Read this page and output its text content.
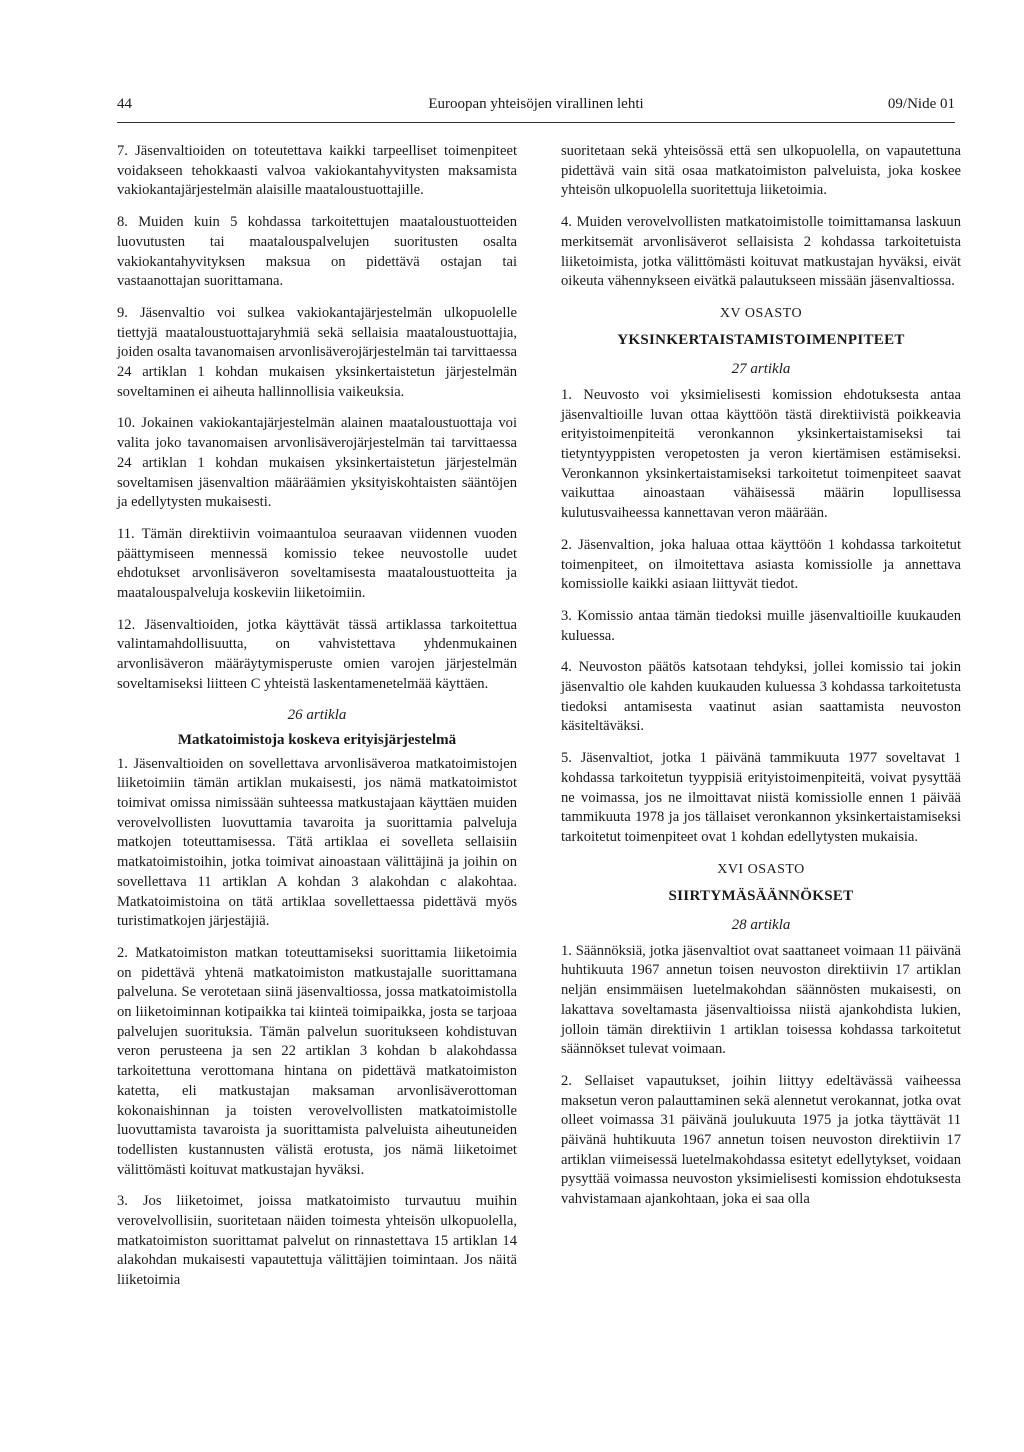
44	Euroopan yhteisöjen virallinen lehti	09/Nide 01

7. Jäsenvaltioiden on toteutettava kaikki tarpeelliset toimenpiteet voidakseen tehokkaasti valvoa vakiokantahyvitysten maksamista vakiokantajärjestelmän alaisille maataloustuottajille.

8. Muiden kuin 5 kohdassa tarkoitettujen maataloustuotteiden luovutusten tai maatalouspalvelujen suoritusten osalta vakiokantahyvityksen maksua on pidettävä ostajan tai vastaanottajan suorittamana.

9. Jäsenvaltio voi sulkea vakiokantajärjestelmän ulkopuolelle tiettyjä maataloustuottajaryhmiä sekä sellaisia maataloustuottajia, joiden osalta tavanomaisen arvonlisäverojärjestelmän tai tarvittaessa 24 artiklan 1 kohdan mukaisen yksinkertaistetun järjestelmän soveltaminen ei aiheuta hallinnollisia vaikeuksia.

10. Jokainen vakiokantajärjestelmän alainen maataloustuottaja voi valita joko tavanomaisen arvonlisäverojärjestelmän tai tarvittaessa 24 artiklan 1 kohdan mukaisen yksinkertaistetun järjestelmän soveltamisen jäsenvaltion määräämien yksityiskohtaisten sääntöjen ja edellytysten mukaisesti.

11. Tämän direktiivin voimaantuloa seuraavan viidennen vuoden päättymiseen mennessä komissio tekee neuvostolle uudet ehdotukset arvonlisäveron soveltamisesta maataloustuotteita ja maatalouspalveluja koskeviin liiketoimiin.

12. Jäsenvaltioiden, jotka käyttävät tässä artiklassa tarkoitettua valintamahdollisuutta, on vahvistettava yhdenmukainen arvonlisäveron määräytymisperuste omien varojen järjestelmän soveltamiseksi liitteen C yhteistä laskentamenetelmää käyttäen.

26 artikla
Matkatoimistoja koskeva erityisjärjestelmä

1. Jäsenvaltioiden on sovellettava arvonlisäveroa matkatoimistojen liiketoimiin tämän artiklan mukaisesti, jos nämä matkatoimistot toimivat omissa nimissään suhteessa matkustajaan käyttäen muiden verovelvollisten luovuttamia tavaroita ja suorittamia palveluja matkojen toteuttamisessa. Tätä artiklaa ei sovelleta sellaisiin matkatoimistoihin, jotka toimivat ainoastaan välittäjinä ja joihin on sovellettava 11 artiklan A kohdan 3 alakohdan c alakohtaa. Matkatoimistoina on tätä artiklaa sovellettaessa pidettävä myös turistimatkojen järjestäjiä.

2. Matkatoimiston matkan toteuttamiseksi suorittamia liiketoimia on pidettävä yhtenä matkatoimiston matkustajalle suorittamana palveluna. Se verotetaan siinä jäsenvaltiossa, jossa matkatoimistolla on liiketoiminnan kotipaikka tai kiinteä toimipaikka, josta se tarjoaa palvelujen suorituksia. Tämän palvelun suoritukseen kohdistuvan veron perusteena ja sen 22 artiklan 3 kohdan b alakohdassa tarkoitettuna verottomana hintana on pidettävä matkatoimiston katetta, eli matkustajan maksaman arvonlisäverottoman kokonaishinnan ja toisten verovelvollisten matkatoimistolle luovuttamista tavaroista ja suorittamista palveluista aiheutuneiden todellisten kustannusten välistä erotusta, jos nämä liiketoimet välittömästi koituvat matkustajan hyväksi.

3. Jos liiketoimet, joissa matkatoimisto turvautuu muihin verovelvollisiin, suoritetaan näiden toimesta yhteisön ulkopuolella, matkatoimiston suorittamat palvelut on rinnastettava 15 artiklan 14 alakohdan mukaisesti vapautettuja välittäjien toimintaan. Jos näitä liiketoimia

suoritetaan sekä yhteisössä että sen ulkopuolella, on vapautettuna pidettävä vain sitä osaa matkatoimiston palveluista, joka koskee yhteisön ulkopuolella suoritettuja liiketoimia.

4. Muiden verovelvollisten matkatoimistolle toimittamansa laskuun merkitsemät arvonlisäverot sellaisista 2 kohdassa tarkoitetuista liiketoimista, jotka välittömästi koituvat matkustajan hyväksi, eivät oikeuta vähennykseen eivätkä palautukseen missään jäsenvaltiossa.

XV OSASTO
YKSINKERTAISTAMISTOIMENPITEET
27 artikla

1. Neuvosto voi yksimielisesti komission ehdotuksesta antaa jäsenvaltioille luvan ottaa käyttöön tästä direktiivistä poikkeavia erityistoimenpiteitä veronkannon yksinkertaistamiseksi tai tietyntyyppisten veropetosten ja veron kiertämisen estämiseksi. Veronkannon yksinkertaistamiseksi tarkoitetut toimenpiteet saavat vaikuttaa ainoastaan vähäisessä määrin lopullisessa kulutusvaiheessa kannettavan veron määrään.

2. Jäsenvaltion, joka haluaa ottaa käyttöön 1 kohdassa tarkoitetut toimenpiteet, on ilmoitettava asiasta komissiolle ja annettava komissiolle kaikki asiaan liittyvät tiedot.

3. Komissio antaa tämän tiedoksi muille jäsenvaltioille kuukauden kuluessa.

4. Neuvoston päätös katsotaan tehdyksi, jollei komissio tai jokin jäsenvaltio ole kahden kuukauden kuluessa 3 kohdassa tarkoitetusta tiedoksi antamisesta vaatinut asian saattamista neuvoston käsiteltäväksi.

5. Jäsenvaltiot, jotka 1 päivänä tammikuuta 1977 soveltavat 1 kohdassa tarkoitetun tyyppisiä erityistoimenpiteitä, voivat pysyttää ne voimassa, jos ne ilmoittavat niistä komissiolle ennen 1 päivää tammikuuta 1978 ja jos tällaiset veronkannon yksinkertaistamiseksi tarkoitetut toimenpiteet ovat 1 kohdan edellytysten mukaisia.

XVI OSASTO
SIIRTYMÄSÄÄNNÖKSET
28 artikla

1. Säännöksiä, jotka jäsenvaltiot ovat saattaneet voimaan 11 päivänä huhtikuuta 1967 annetun toisen neuvoston direktiivin 17 artiklan neljän ensimmäisen luetelmakohdan säännösten mukaisesti, on lakattava soveltamasta jäsenvaltioissa niistä ajankohdista lukien, jolloin tämän direktiivin 1 artiklan toisessa kohdassa tarkoitetut säännökset tulevat voimaan.

2. Sellaiset vapautukset, joihin liittyy edeltävässä vaiheessa maksetun veron palauttaminen sekä alennetut verokannat, jotka ovat olleet voimassa 31 päivänä joulukuuta 1975 ja jotka täyttävät 11 päivänä huhtikuuta 1967 annetun toisen neuvoston direktiivin 17 artiklan viimeisessä luetelmakohdassa esitetyt edellytykset, voidaan pysyttää voimassa neuvoston yksimielisesti komission ehdotuksesta vahvistamaan ajankohtaan, joka ei saa olla
